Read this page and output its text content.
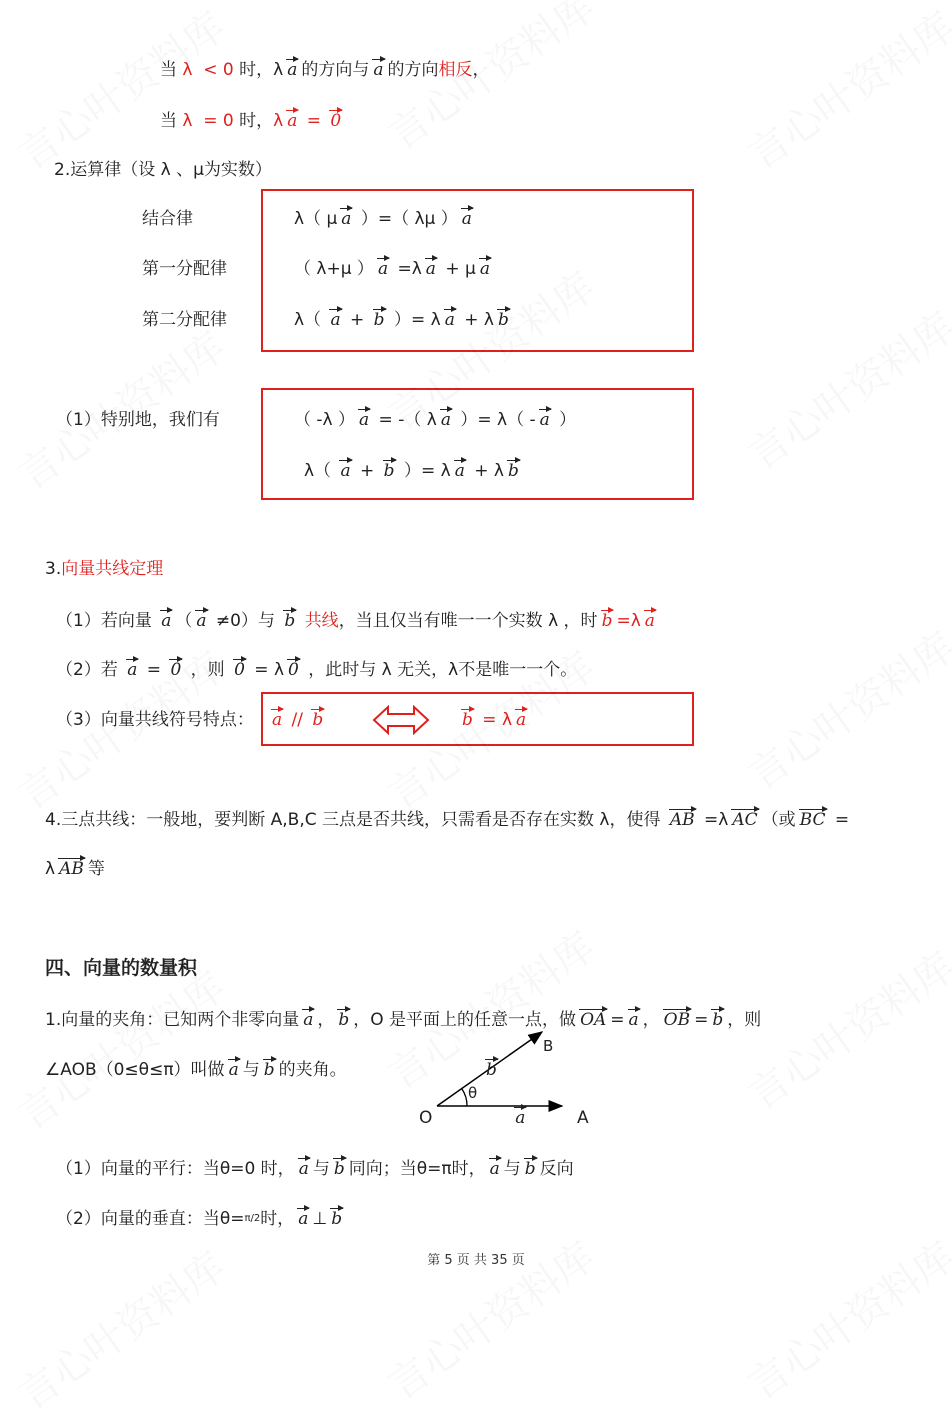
O	A
B
θ
b a
当 λ  < 0 时，λ a 的方向与 a 的方向相反，
当 λ  = 0 时，λ a = 0
2.运算律（设 λ 、μ为实数）
结合律	λ（ μ a ）=（ λμ ） a
第一分配律	（ λ+μ ） a =λ a + μ a
第二分配律	λ（ a + b ）= λ a + λ b
（1）特别地，我们有	（ -λ ） a = -（ λ a ）= λ（ - a ）
λ（ a + b ）= λ a + λ b
3.向量共线定理
（1）若向量 a （ a ≠0）与 b 共线，当且仅当有唯一一个实数 λ ，时 b =λ a
（2）若 a = 0 ，则 0 = λ 0 ，此时与 λ 无关，λ不是唯一一个。
（3）向量共线符号特点： a // b	b = λ a
4.三点共线：一般地，要判断 A,B,C 三点是否共线，只需看是否存在实数 λ，使得 AB =λ AC （或 BC =
λ AB 等
四、向量的数量积
1.向量的夹角：已知两个非零向量 a ， b ，O 是平面上的任意一点，做 OA = a ， OB = b ，则
∠AOB（0≤θ≤π）叫做 a 与 b 的夹角。
（1）向量的平行：当θ=0 时， a 与 b 同向；当θ=π时， a 与 b 反向
（2）向量的垂直：当θ=π/2时， a ⊥ b
第 5 页 共 35 页
